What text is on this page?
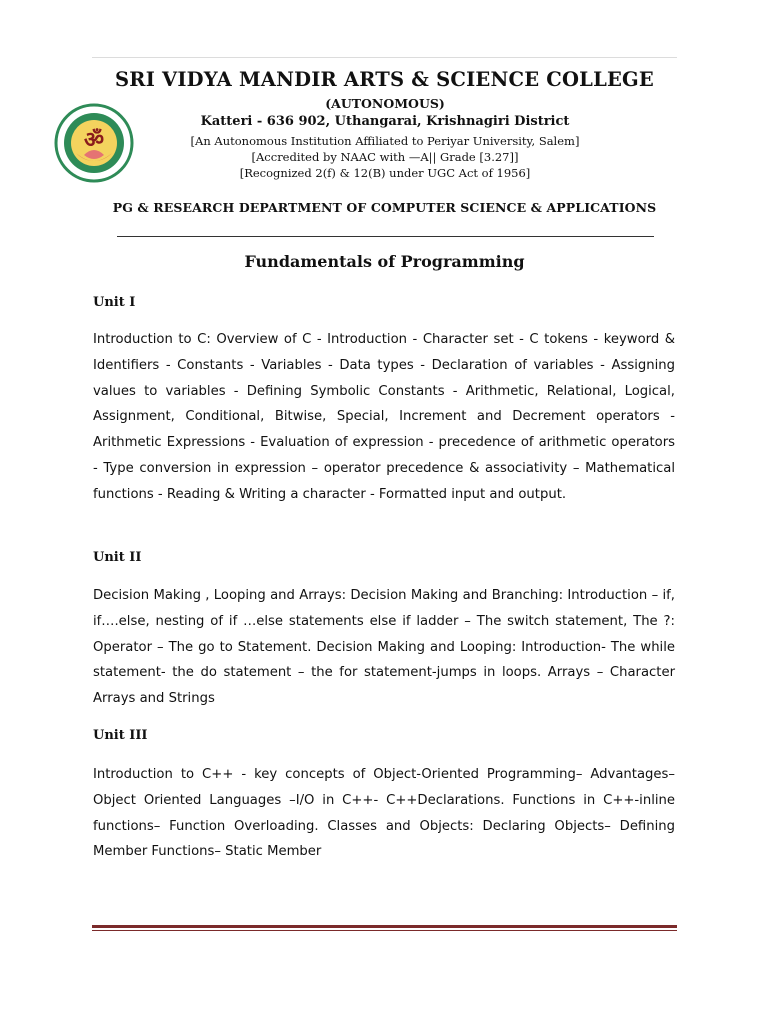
ॐ
SRI VIDYA MANDIR ARTS & SCIENCE COLLEGE
(AUTONOMOUS)
Katteri - 636 902, Uthangarai, Krishnagiri District
[An Autonomous Institution Affiliated to Periyar University, Salem]
[Accredited by NAAC with —A|| Grade [3.27]]
[Recognized 2(f) & 12(B) under UGC Act of 1956]
PG & RESEARCH DEPARTMENT OF COMPUTER SCIENCE & APPLICATIONS
Fundamentals of Programming
Unit I

Introduction to C: Overview of C - Introduction - Character set - C tokens - keyword & Identifiers - Constants - Variables - Data types - Declaration of variables - Assigning values to variables - Defining Symbolic Constants - Arithmetic, Relational, Logical, Assignment, Conditional, Bitwise, Special, Increment and Decrement operators - Arithmetic Expressions - Evaluation of expression - precedence of arithmetic operators - Type conversion in expression – operator precedence & associativity – Mathematical functions - Reading & Writing a character - Formatted input and output.

Unit II

Decision Making , Looping and Arrays: Decision Making and Branching: Introduction – if, if….else, nesting of if …else statements else if ladder – The switch statement, The ?: Operator – The go to Statement. Decision Making and Looping: Introduction- The while statement- the do statement – the for statement-jumps in loops. Arrays – Character Arrays and Strings

Unit III

Introduction to C++ - key concepts of Object-Oriented Programming– Advantages– Object Oriented Languages –I/O in C++- C++Declarations. Functions in C++-inline functions– Function Overloading. Classes and Objects: Declaring Objects– Defining Member Functions– Static Member
